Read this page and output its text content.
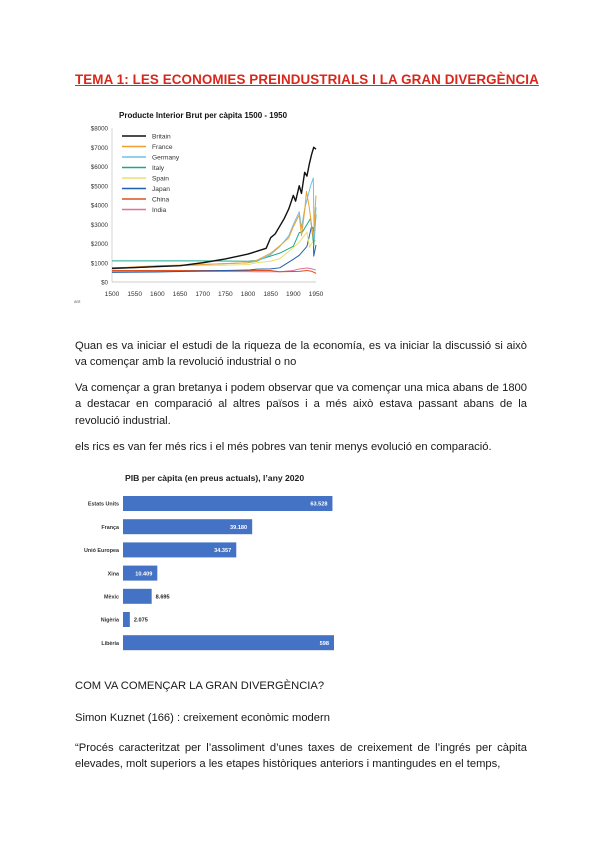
TEMA 1: LES ECONOMIES PREINDUSTRIALS I LA GRAN DIVERGÈNCIA
Producte Interior Brut per càpita 1500 - 1950
$0
$1000
$2000
$3000
$4000
$5000
$6000
$7000
$8000
1500 1550 1600 1650 1700 1750 1800 1850 1900 1950
ant
Britain
France
Germany
Italy
Spain
Japan
China
India

Quan es va iniciar el estudi de la riqueza de la economía, es va iniciar la discussió si això va començar amb la revolució industrial o no

Va començar a gran bretanya i podem observar que va començar una mica abans de 1800 a destacar en comparació al altres països i a més això estava passant abans de la revolució industrial.

els rics es van fer més rics i el més pobres van tenir menys evolució en comparació.

PIB per càpita (en preus actuals), l’any 2020
Estats Units	63.528
França	39.180
Unió Europea	34.357
Xina	10.409
Mèxic	8.695
Nigèria	2.075
Libèria	598

COM VA COMENÇAR LA GRAN DIVERGÈNCIA?

Simon Kuznet (166) : creixement econòmic modern

“Procés caracteritzat per l’assoliment d’unes taxes de creixement de l’ingrés per càpita elevades, molt superiors a les etapes històriques anteriors i mantingudes en el temps,
